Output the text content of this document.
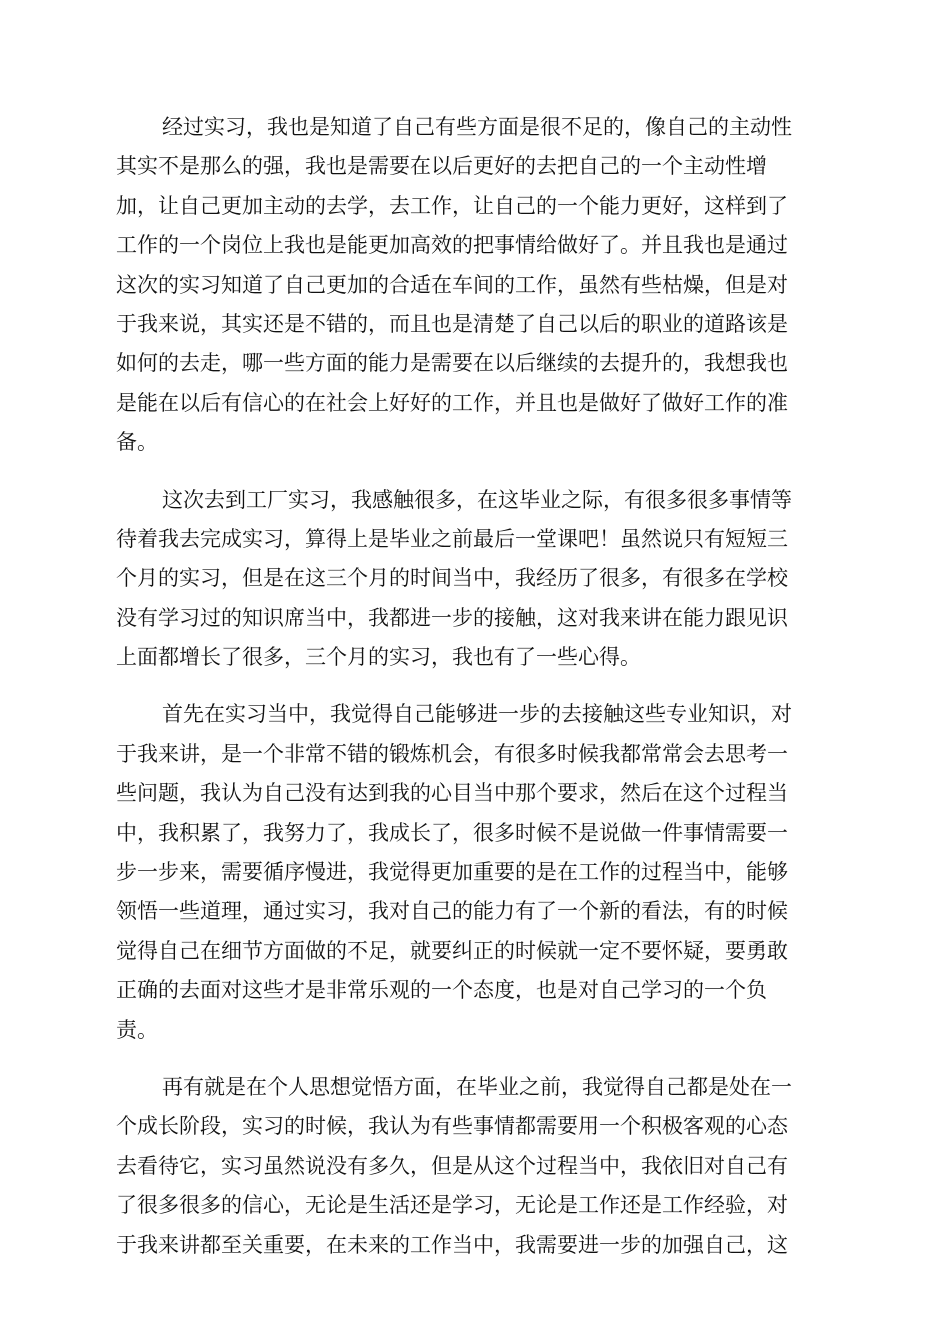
经过实习，我也是知道了自己有些方面是很不足的，像自己的主动性
其实不是那么的强，我也是需要在以后更好的去把自己的一个主动性增
加，让自己更加主动的去学，去工作，让自己的一个能力更好，这样到了
工作的一个岗位上我也是能更加高效的把事情给做好了。并且我也是通过
这次的实习知道了自己更加的合适在车间的工作，虽然有些枯燥，但是对
于我来说，其实还是不错的，而且也是清楚了自己以后的职业的道路该是
如何的去走，哪一些方面的能力是需要在以后继续的去提升的，我想我也
是能在以后有信心的在社会上好好的工作，并且也是做好了做好工作的准
备。
这次去到工厂实习，我感触很多，在这毕业之际，有很多很多事情等
待着我去完成实习，算得上是毕业之前最后一堂课吧！虽然说只有短短三
个月的实习，但是在这三个月的时间当中，我经历了很多，有很多在学校
没有学习过的知识席当中，我都进一步的接触，这对我来讲在能力跟见识
上面都增长了很多，三个月的实习，我也有了一些心得。
首先在实习当中，我觉得自己能够进一步的去接触这些专业知识，对
于我来讲，是一个非常不错的锻炼机会，有很多时候我都常常会去思考一
些问题，我认为自己没有达到我的心目当中那个要求，然后在这个过程当
中，我积累了，我努力了，我成长了，很多时候不是说做一件事情需要一
步一步来，需要循序慢进，我觉得更加重要的是在工作的过程当中，能够
领悟一些道理，通过实习，我对自己的能力有了一个新的看法，有的时候
觉得自己在细节方面做的不足，就要纠正的时候就一定不要怀疑，要勇敢
正确的去面对这些才是非常乐观的一个态度，也是对自己学习的一个负
责。
再有就是在个人思想觉悟方面，在毕业之前，我觉得自己都是处在一
个成长阶段，实习的时候，我认为有些事情都需要用一个积极客观的心态
去看待它，实习虽然说没有多久，但是从这个过程当中，我依旧对自己有
了很多很多的信心，无论是生活还是学习，无论是工作还是工作经验，对
于我来讲都至关重要，在未来的工作当中，我需要进一步的加强自己，这
